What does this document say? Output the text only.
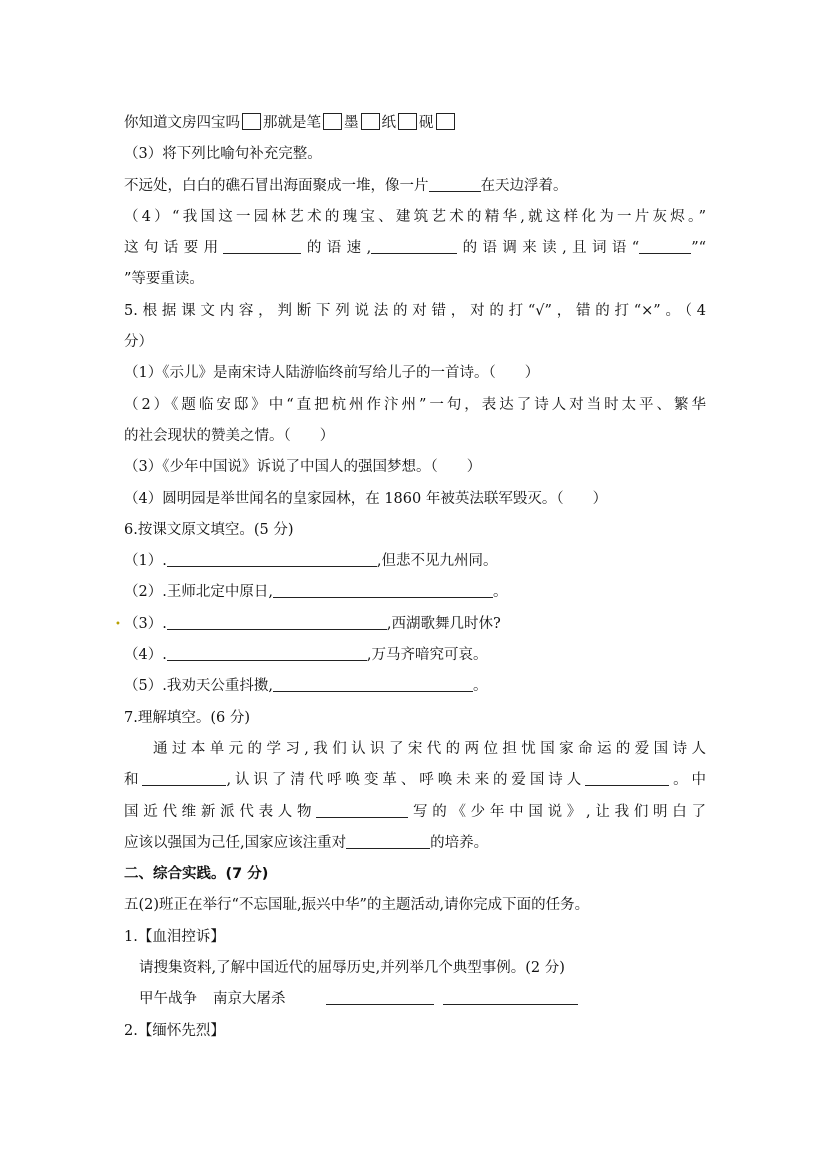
你知道文房四宝吗 那就是笔 墨 纸 砚
（3）将下列比喻句补充完整。
不远处，白白的礁石冒出海面聚成一堆，像一片	在天边浮着。
（4）“我国这一园林艺术的瑰宝、建筑艺术的精华,就这样化为一片灰烬。”
这句话要用	的语速,	的语调来读,且词语“	”“
”等要重读。
5.根据课文内容，判断下列说法的对错，对的打“√”，错的打“×”。（4
分）
（1）《示儿》是南宋诗人陆游临终前写给儿子的一首诗。（　　）
（2）《题临安邸》中“直把杭州作汴州”一句，表达了诗人对当时太平、繁华
的社会现状的赞美之情。（　　）
（3）《少年中国说》诉说了中国人的强国梦想。（　　）
（4）圆明园是举世闻名的皇家园林，在 1860 年被英法联军毁灭。（　　）
6.按课文原文填空。(5 分)
（1）.	,但悲不见九州同。
（2）.王师北定中原日,	。
• （3）.	,西湖歌舞几时休?
（4）.	,万马齐喑究可哀。
（5）.我劝天公重抖擞,	。
7.理解填空。(6 分)
通过本单元的学习,我们认识了宋代的两位担忧国家命运的爱国诗人
和	,认识了清代呼唤变革、呼唤未来的爱国诗人	。中
国近代维新派代表人物	写的《少年中国说》,让我们明白了
应该以强国为己任,国家应该注重对	的培养。
二、综合实践。(7 分)
五(2)班正在举行“不忘国耻,振兴中华”的主题活动,请你完成下面的任务。
1.【血泪控诉】
请搜集资料,了解中国近代的屈辱历史,并列举几个典型事例。(2 分)
甲午战争 南京大屠杀
2.【缅怀先烈】
